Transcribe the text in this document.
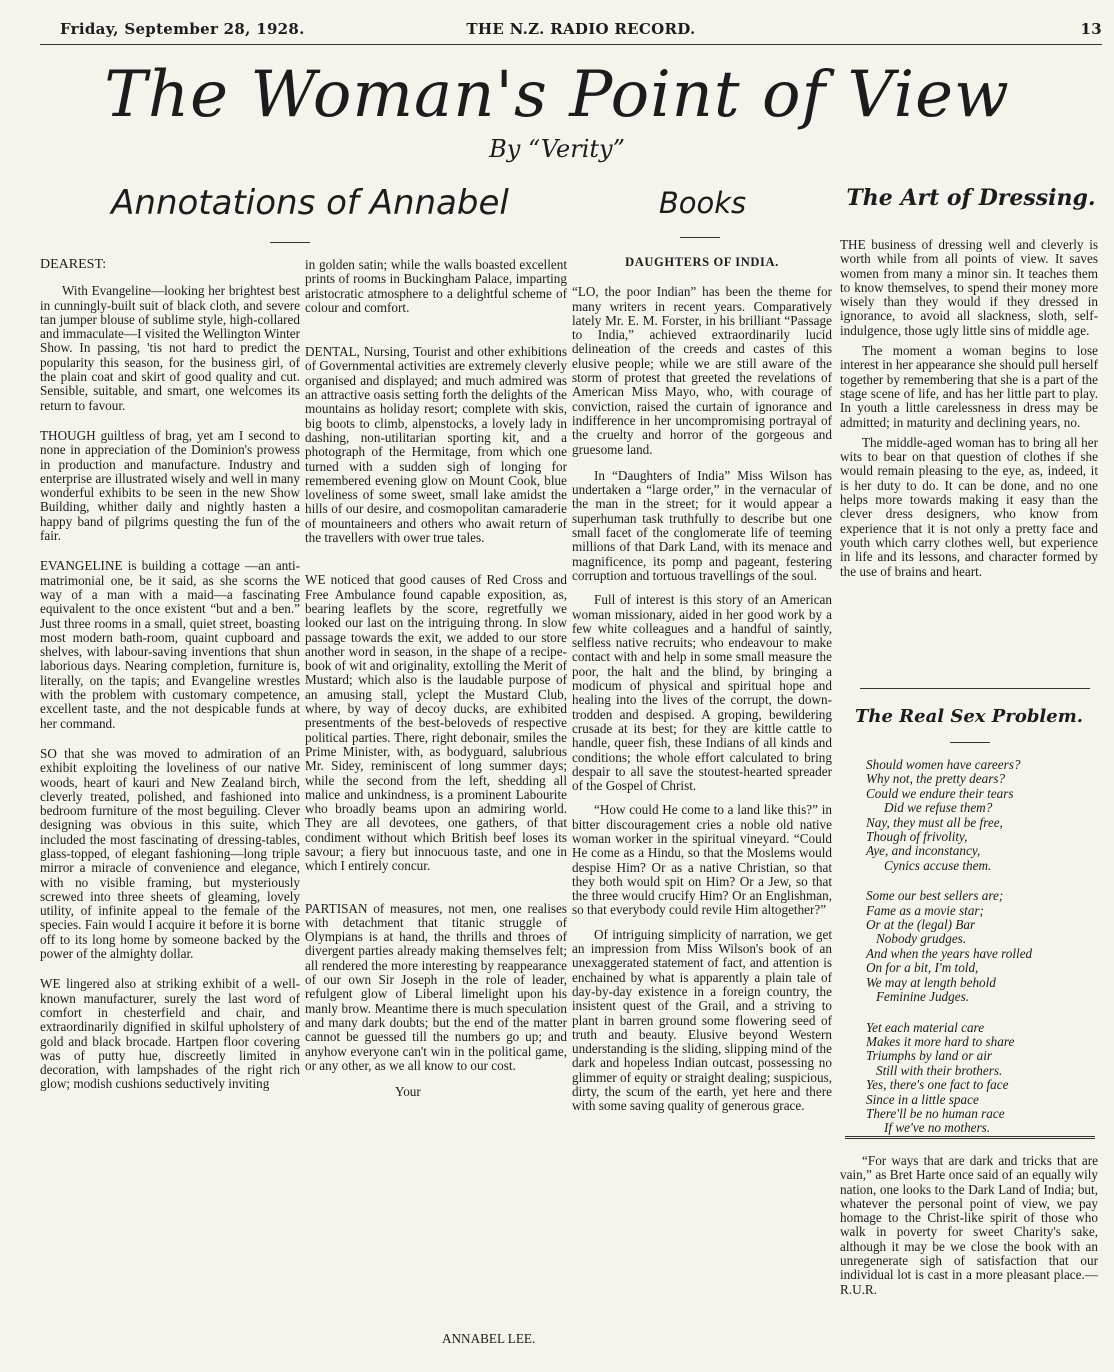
Friday, September 28, 1928.	THE N.Z. RADIO RECORD.	13
The Woman's Point of View
By “Verity”
Annotations of Annabel	Books	The Art of Dressing.

DEAREST:

With Evangeline—looking her brightest best in cunningly-built suit of black cloth, and severe tan jumper blouse of sublime style, high-collared and immaculate—I visited the Wellington Winter Show. In passing, 'tis not hard to predict the popularity this season, for the business girl, of the plain coat and skirt of good quality and cut. Sensible, suitable, and smart, one welcomes its return to favour.

THOUGH guiltless of brag, yet am I second to none in appreciation of the Dominion's prowess in production and manufacture. Industry and enterprise are illustrated wisely and well in many wonderful exhibits to be seen in the new Show Building, whither daily and nightly hasten a happy band of pilgrims questing the fun of the fair.

EVANGELINE is building a cottage —an anti-matrimonial one, be it said, as she scorns the way of a man with a maid—a fascinating equivalent to the once existent “but and a ben.” Just three rooms in a small, quiet street, boasting most modern bath-room, quaint cupboard and shelves, with labour-saving inventions that shun laborious days. Nearing completion, furniture is, literally, on the tapis; and Evangeline wrestles with the problem with customary competence, excellent taste, and the not despicable funds at her command.

SO that she was moved to admiration of an exhibit exploiting the loveliness of our native woods, heart of kauri and New Zealand birch, cleverly treated, polished, and fashioned into bedroom furniture of the most beguiling. Clever designing was obvious in this suite, which included the most fascinating of dressing-tables, glass-topped, of elegant fashioning—long triple mirror a miracle of convenience and elegance, with no visible framing, but mysteriously screwed into three sheets of gleaming, lovely utility, of infinite appeal to the female of the species. Fain would I acquire it before it is borne off to its long home by someone backed by the power of the almighty dollar.

WE lingered also at striking exhibit of a well-known manufacturer, surely the last word of comfort in chesterfield and chair, and extraordinarily dignified in skilful upholstery of gold and black brocade. Hartpen floor covering was of putty hue, discreetly limited in decoration, with lampshades of the right rich glow; modish cushions seductively inviting

in golden satin; while the walls boasted excellent prints of rooms in Buckingham Palace, imparting aristocratic atmosphere to a delightful scheme of colour and comfort.

DENTAL, Nursing, Tourist and other exhibitions of Governmental activities are extremely cleverly organised and displayed; and much admired was an attractive oasis setting forth the delights of the mountains as holiday resort; complete with skis, big boots to climb, alpenstocks, a lovely lady in dashing, non-utilitarian sporting kit, and a photograph of the Hermitage, from which one turned with a sudden sigh of longing for remembered evening glow on Mount Cook, blue loveliness of some sweet, small lake amidst the hills of our desire, and cosmopolitan camaraderie of mountaineers and others who await return of the travellers with ower true tales.

WE noticed that good causes of Red Cross and Free Ambulance found capable exposition, as, bearing leaflets by the score, regretfully we looked our last on the intriguing throng. In slow passage towards the exit, we added to our store another word in season, in the shape of a recipe-book of wit and originality, extolling the Merit of Mustard; which also is the laudable purpose of an amusing stall, yclept the Mustard Club, where, by way of decoy ducks, are exhibited presentments of the best-beloveds of respective political parties. There, right debonair, smiles the Prime Minister, with, as bodyguard, salubrious Mr. Sidey, reminiscent of long summer days; while the second from the left, shedding all malice and unkindness, is a prominent Labourite who broadly beams upon an admiring world. They are all devotees, one gathers, of that condiment without which British beef loses its savour; a fiery but innocuous taste, and one in which I entirely concur.

PARTISAN of measures, not men, one realises with detachment that titanic struggle of Olympians is at hand, the thrills and throes of divergent parties already making themselves felt; all rendered the more interesting by reappearance of our own Sir Joseph in the role of leader, refulgent glow of Liberal limelight upon his manly brow. Meantime there is much speculation and many dark doubts; but the end of the matter cannot be guessed till the numbers go up; and anyhow everyone can't win in the political game, or any other, as we all know to our cost.

Your

DAUGHTERS OF INDIA.

“LO, the poor Indian” has been the theme for many writers in recent years. Comparatively lately Mr. E. M. Forster, in his brilliant “Passage to India,” achieved extraordinarily lucid delineation of the creeds and castes of this elusive people; while we are still aware of the storm of protest that greeted the revelations of American Miss Mayo, who, with courage of conviction, raised the curtain of ignorance and indifference in her uncompromising portrayal of the cruelty and horror of the gorgeous and gruesome land.

In “Daughters of India” Miss Wilson has undertaken a “large order,” in the vernacular of the man in the street; for it would appear a superhuman task truthfully to describe but one small facet of the conglomerate life of teeming millions of that Dark Land, with its menace and magnificence, its pomp and pageant, festering corruption and tortuous travellings of the soul.

Full of interest is this story of an American woman missionary, aided in her good work by a few white colleagues and a handful of saintly, selfless native recruits; who endeavour to make contact with and help in some small measure the poor, the halt and the blind, by bringing a modicum of physical and spiritual hope and healing into the lives of the corrupt, the down-trodden and despised. A groping, bewildering crusade at its best; for they are kittle cattle to handle, queer fish, these Indians of all kinds and conditions; the whole effort calculated to bring despair to all save the stoutest-hearted spreader of the Gospel of Christ.

“How could He come to a land like this?” in bitter discouragement cries a noble old native woman worker in the spiritual vineyard. “Could He come as a Hindu, so that the Moslems would despise Him? Or as a native Christian, so that they both would spit on Him? Or a Jew, so that the three would crucify Him? Or an Englishman, so that everybody could revile Him altogether?”

Of intriguing simplicity of narration, we get an impression from Miss Wilson's book of an unexaggerated statement of fact, and attention is enchained by what is apparently a plain tale of day-by-day existence in a foreign country, the insistent quest of the Grail, and a striving to plant in barren ground some flowering seed of truth and beauty. Elusive beyond Western understanding is the sliding, slipping mind of the dark and hopeless Indian outcast, possessing no glimmer of equity or straight dealing; suspicious, dirty, the scum of the earth, yet here and there with some saving quality of generous grace.

ANNABEL LEE.

THE business of dressing well and cleverly is worth while from all points of view. It saves women from many a minor sin. It teaches them to know themselves, to spend their money more wisely than they would if they dressed in ignorance, to avoid all slackness, sloth, self-indulgence, those ugly little sins of middle age.

The moment a woman begins to lose interest in her appearance she should pull herself together by remembering that she is a part of the stage scene of life, and has her little part to play. In youth a little carelessness in dress may be admitted; in maturity and declining years, no.

The middle-aged woman has to bring all her wits to bear on that question of clothes if she would remain pleasing to the eye, as, indeed, it is her duty to do. It can be done, and no one helps more towards making it easy than the clever dress designers, who know from experience that it is not only a pretty face and youth which carry clothes well, but experience in life and its lessons, and character formed by the use of brains and heart.

The Real Sex Problem.
Should women have careers?
Why not, the pretty dears?
Could we endure their tears
Did we refuse them?
Nay, they must all be free,
Though of frivolity,
Aye, and inconstancy,
Cynics accuse them.
Some our best sellers are;
Fame as a movie star;
Or at the (legal) Bar
Nobody grudges.
And when the years have rolled
On for a bit, I'm told,
We may at length behold
Feminine Judges.
Yet each material care
Makes it more hard to share
Triumphs by land or air
Still with their brothers.
Yes, there's one fact to face
Since in a little space
There'll be no human race
If we've no mothers.

“For ways that are dark and tricks that are vain,” as Bret Harte once said of an equally wily nation, one looks to the Dark Land of India; but, whatever the personal point of view, we pay homage to the Christ-like spirit of those who walk in poverty for sweet Charity's sake, although it may be we close the book with an unregenerate sigh of satisfaction that our individual lot is cast in a more pleasant place.—R.U.R.
